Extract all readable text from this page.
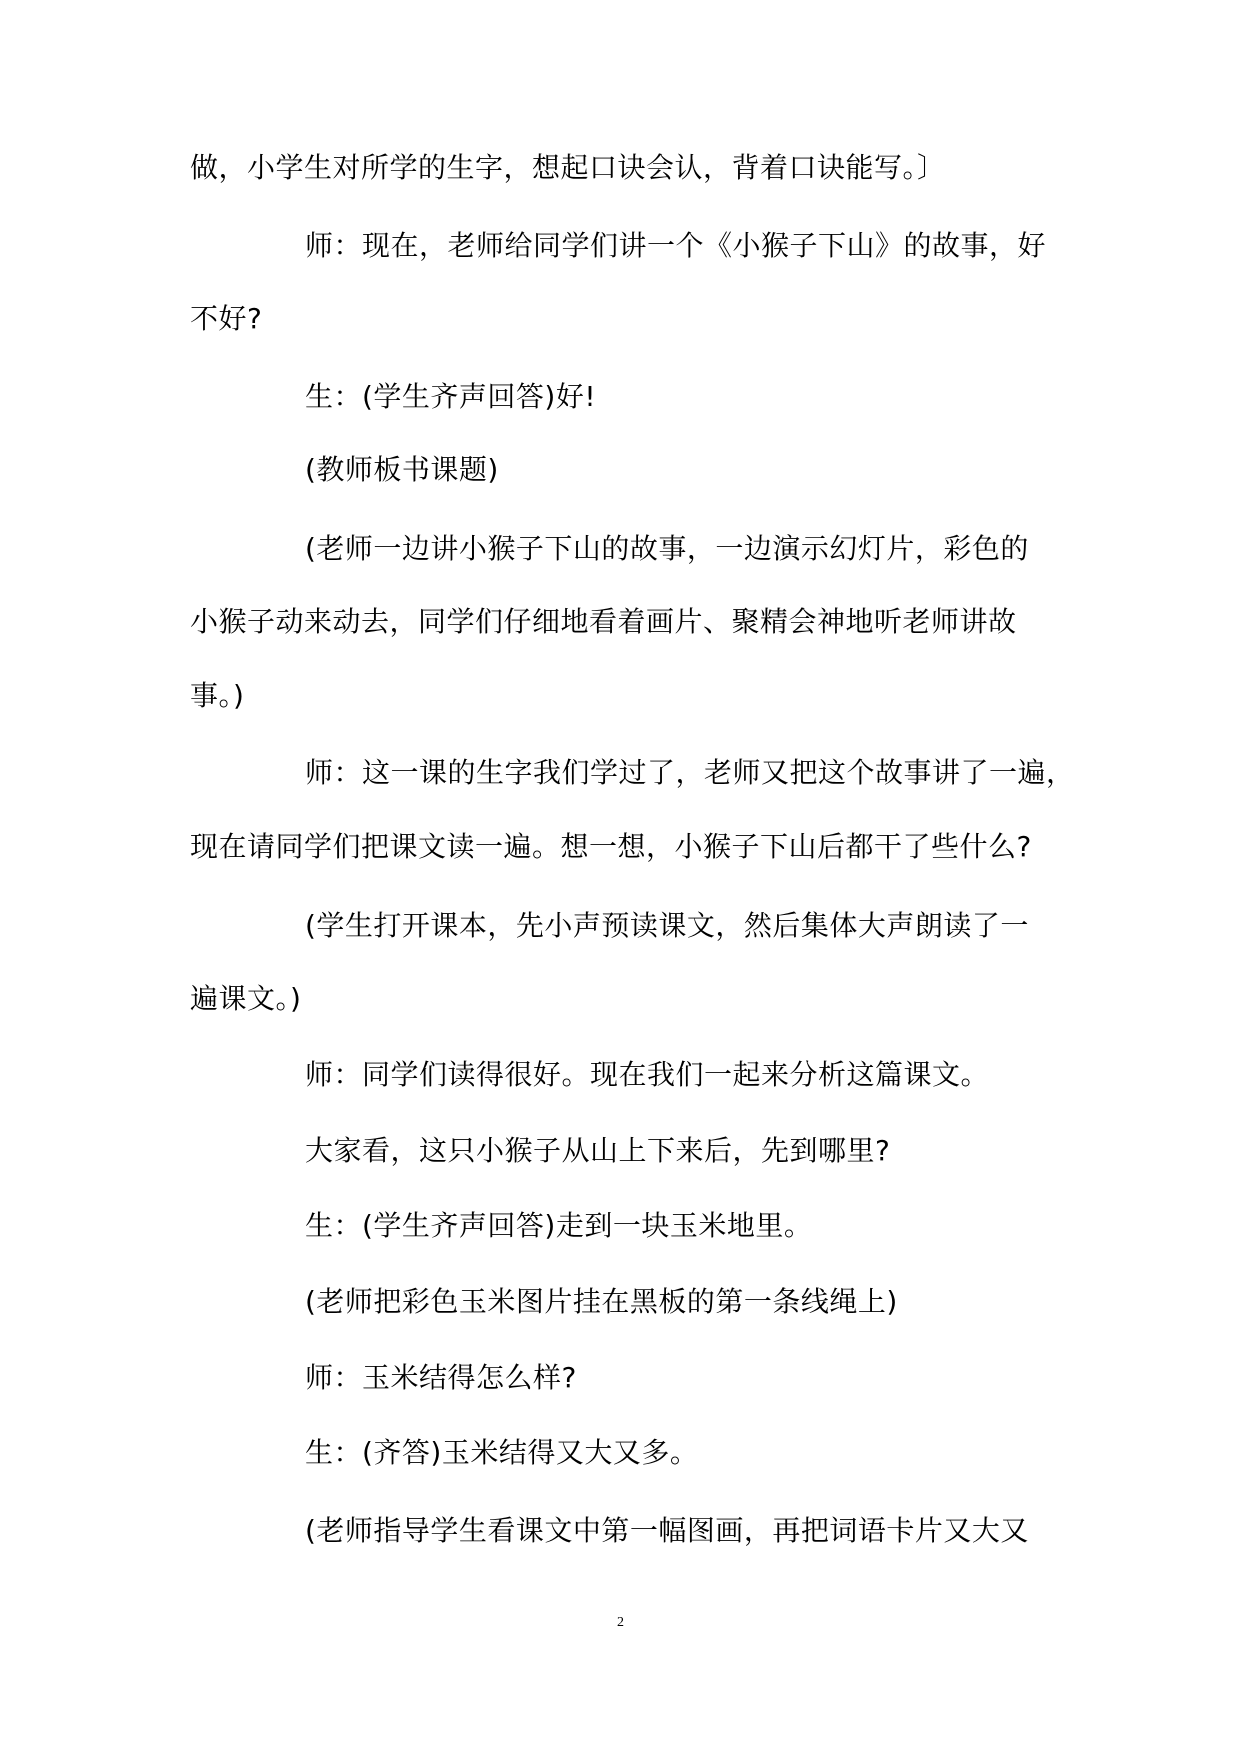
做，小学生对所学的生字，想起口诀会认，背着口诀能写。〕
师：现在，老师给同学们讲一个《小猴子下山》的故事，好
不好?
生：(学生齐声回答)好!
(教师板书课题)
(老师一边讲小猴子下山的故事，一边演示幻灯片，彩色的
小猴子动来动去，同学们仔细地看着画片、聚精会神地听老师讲故
事。)
师：这一课的生字我们学过了，老师又把这个故事讲了一遍，
现在请同学们把课文读一遍。想一想，小猴子下山后都干了些什么?
(学生打开课本，先小声预读课文，然后集体大声朗读了一
遍课文。)
师：同学们读得很好。现在我们一起来分析这篇课文。
大家看，这只小猴子从山上下来后，先到哪里?
生：(学生齐声回答)走到一块玉米地里。
(老师把彩色玉米图片挂在黑板的第一条线绳上)
师：玉米结得怎么样?
生：(齐答)玉米结得又大又多。
(老师指导学生看课文中第一幅图画，再把词语卡片又大又
2
